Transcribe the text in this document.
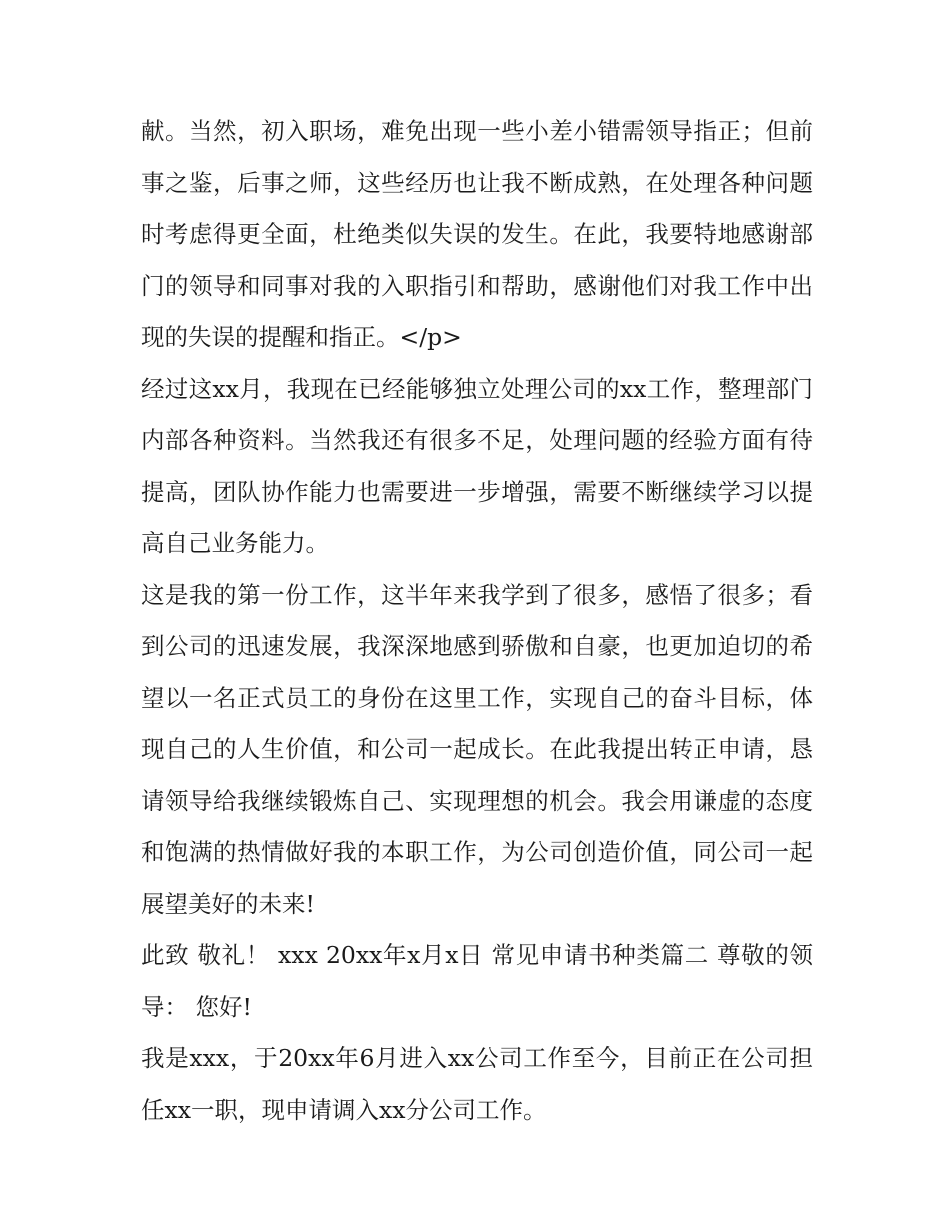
献。当然，初入职场，难免出现一些小差小错需领导指正；但前事之鉴，后事之师，这些经历也让我不断成熟，在处理各种问题时考虑得更全面，杜绝类似失误的发生。在此，我要特地感谢部门的领导和同事对我的入职指引和帮助，感谢他们对我工作中出现的失误的提醒和指正。</p>

经过这xx月，我现在已经能够独立处理公司的xx工作，整理部门内部各种资料。当然我还有很多不足，处理问题的经验方面有待提高，团队协作能力也需要进一步增强，需要不断继续学习以提高自己业务能力。

这是我的第一份工作，这半年来我学到了很多，感悟了很多；看到公司的迅速发展，我深深地感到骄傲和自豪，也更加迫切的希望以一名正式员工的身份在这里工作，实现自己的奋斗目标，体现自己的人生价值，和公司一起成长。在此我提出转正申请，恳请领导给我继续锻炼自己、实现理想的机会。我会用谦虚的态度和饱满的热情做好我的本职工作，为公司创造价值，同公司一起展望美好的未来!

此致 敬礼！ xxx 20xx年x月x日 常见申请书种类篇二 尊敬的领导： 您好!

我是xxx，于20xx年6月进入xx公司工作至今，目前正在公司担任xx一职，现申请调入xx分公司工作。
